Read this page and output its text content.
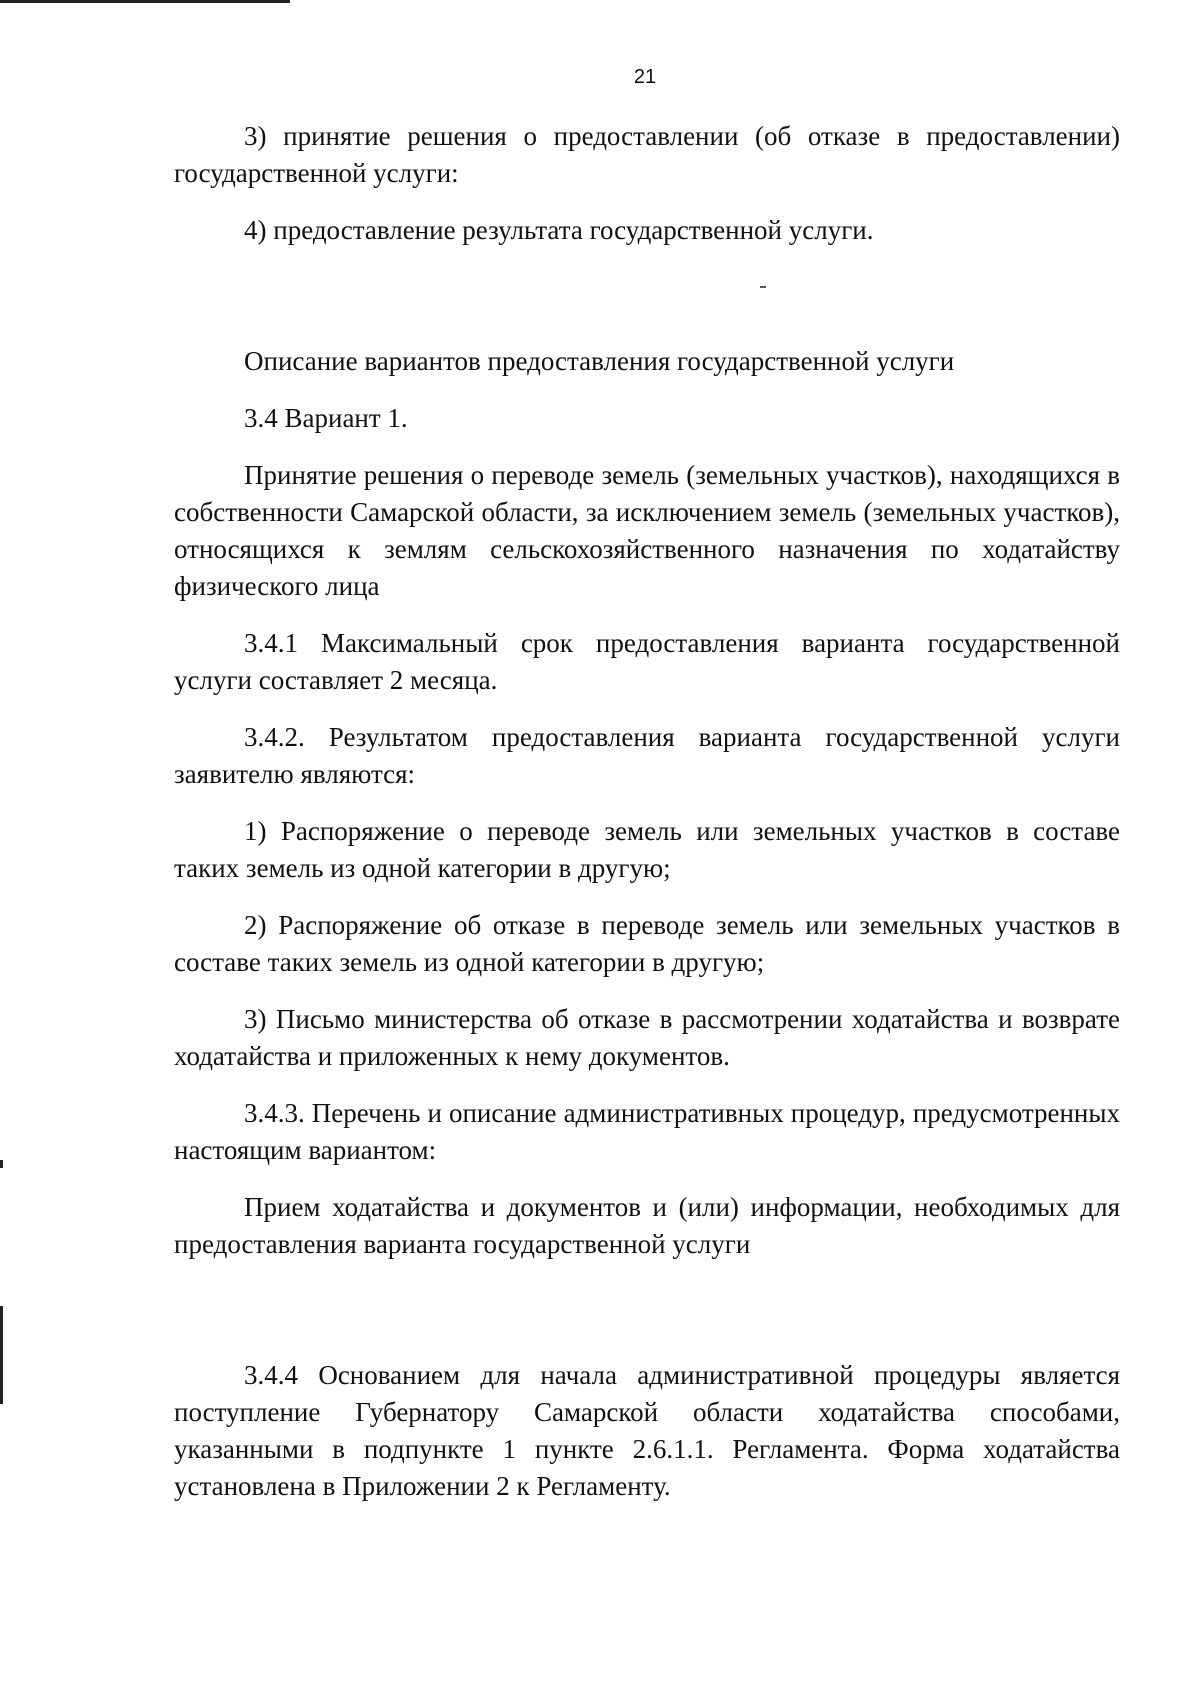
21

3) принятие решения о предоставлении (об отказе в предоставлении) государственной услуги:

4) предоставление результата государственной услуги.

Описание вариантов предоставления государственной услуги

3.4 Вариант 1.

Принятие решения о переводе земель (земельных участков), находящихся в собственности Самарской области, за исключением земель (земельных участков), относящихся к землям сельскохозяйственного назначения по ходатайству физического лица

3.4.1 Максимальный срок предоставления варианта государственной услуги составляет 2 месяца.

3.4.2. Результатом предоставления варианта государственной услуги заявителю являются:

1) Распоряжение о переводе земель или земельных участков в составе таких земель из одной категории в другую;

2) Распоряжение об отказе в переводе земель или земельных участков в составе таких земель из одной категории в другую;

3) Письмо министерства об отказе в рассмотрении ходатайства и возврате ходатайства и приложенных к нему документов.

3.4.3. Перечень и описание административных процедур, предусмотренных настоящим вариантом:

Прием ходатайства и документов и (или) информации, необходимых для предоставления варианта государственной услуги

3.4.4 Основанием для начала административной процедуры является поступление Губернатору Самарской области ходатайства способами, указанными в подпункте 1 пункте 2.6.1.1. Регламента. Форма ходатайства установлена в Приложении 2 к Регламенту.
